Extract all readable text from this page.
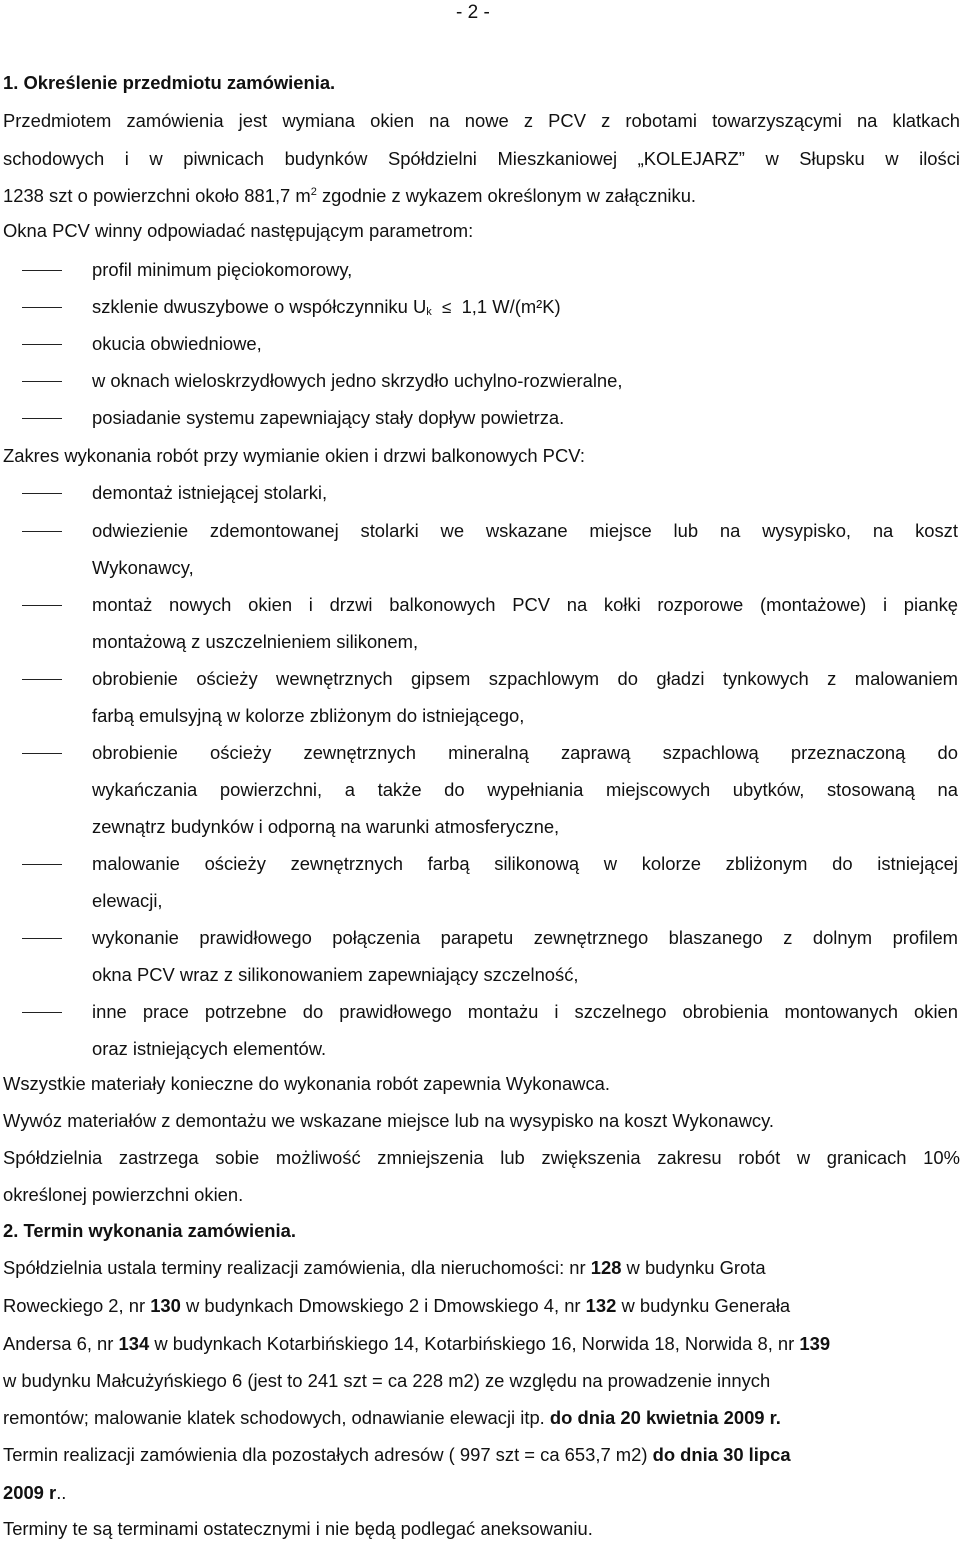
- 2 -
1. Określenie przedmiotu zamówienia.
Przedmiotem zamówienia jest wymiana okien na nowe z PCV z robotami towarzyszącymi na klatkach
schodowych i w piwnicach budynków Spółdzielni Mieszkaniowej „KOLEJARZ” w Słupsku w ilości
1238 szt o powierzchni około 881,7 $m^2$ zgodnie z wykazem określonym w załączniku.
Okna PCV winny odpowiadać następującym parametrom:
profil minimum pięciokomorowy,
szklenie dwuszybowe o współczynniku $U_k \le 1,1$ W/(m²K)
okucia obwiedniowe,
w oknach wieloskrzydłowych jedno skrzydło uchylno-rozwieralne,
posiadanie systemu zapewniający stały dopływ powietrza.
Zakres wykonania robót przy wymianie okien i drzwi balkonowych PCV:
demontaż istniejącej stolarki,
odwiezienie zdemontowanej stolarki we wskazane miejsce lub na wysypisko, na koszt
Wykonawcy,
montaż nowych okien i drzwi balkonowych PCV na kołki rozporowe (montażowe) i piankę
montażową z uszczelnieniem silikonem,
obrobienie ościeży wewnętrznych gipsem szpachlowym do gładzi tynkowych z malowaniem
farbą emulsyjną w kolorze zbliżonym do istniejącego,
obrobienie ościeży zewnętrznych mineralną zaprawą szpachlową przeznaczoną do
wykańczania powierzchni, a także do wypełniania miejscowych ubytków, stosowaną na
zewnątrz budynków i odporną na warunki atmosferyczne,
malowanie ościeży zewnętrznych farbą silikonową w kolorze zbliżonym do istniejącej
elewacji,
wykonanie prawidłowego połączenia parapetu zewnętrznego blaszanego z dolnym profilem
okna PCV wraz z silikonowaniem zapewniający szczelność,
inne prace potrzebne do prawidłowego montażu i szczelnego obrobienia montowanych okien
oraz istniejących elementów.
Wszystkie materiały konieczne do wykonania robót zapewnia Wykonawca.
Wywóz materiałów z demontażu we wskazane miejsce lub na wysypisko na koszt Wykonawcy.
Spółdzielnia zastrzega sobie możliwość zmniejszenia lub zwiększenia zakresu robót w granicach 10%
określonej powierzchni okien.
2. Termin wykonania zamówienia.
Spółdzielnia ustala terminy realizacji zamówienia, dla nieruchomości: nr 128 w budynku Grota
Roweckiego 2, nr 130 w budynkach Dmowskiego 2 i Dmowskiego 4, nr 132 w budynku Generała
Andersa 6, nr 134 w budynkach Kotarbińskiego 14, Kotarbińskiego 16, Norwida 18, Norwida 8, nr 139
w budynku Małcużyńskiego 6 (jest to 241 szt = ca 228 m2) ze względu na prowadzenie innych
remontów; malowanie klatek schodowych, odnawianie elewacji itp. do dnia 20 kwietnia 2009 r.
Termin realizacji zamówienia dla pozostałych adresów ( 997 szt = ca 653,7 m2) do dnia 30 lipca
2009 r..
Terminy te są terminami ostatecznymi i nie będą podlegać aneksowaniu.
